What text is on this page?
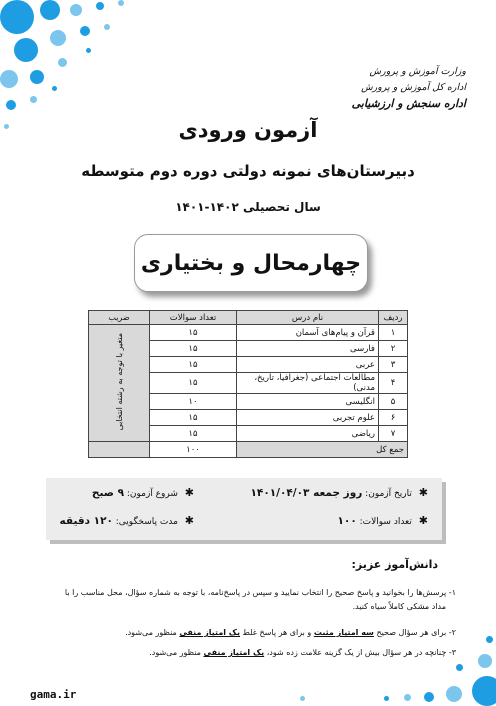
وزارت آموزش و پرورش
اداره کل آموزش و پرورش
اداره سنجش و ارزشیابی
آزمون ورودی
دبیرستان‌های نمونه دولتی دوره دوم متوسطه
سال تحصیلی ۱۴۰۲-۱۴۰۱
چهارمحال و بختیاری
ردیف	نام درس	تعداد سوالات	ضریب
۱	قرآن و پیام‌های آسمان	۱۵	متغیر با توجه به رشته انتخابی
۲	فارسی	۱۵	
۳	عربی	۱۵	
۴	مطالعات اجتماعی (جغرافیا، تاریخ، مدنی)	۱۵	
۵	انگلیسی	۱۰	
۶	علوم تجربی	۱۵	
۷	ریاضی	۱۵	
جمع کل		۱۰۰	
✱ تاریخ آزمون: روز جمعه ۱۴۰۱/۰۴/۰۳
✱ شروع آزمون: ۹ صبح
✱ تعداد سوالات: ۱۰۰
✱ مدت پاسخگویی: ۱۲۰ دقیقه
دانش‌آموز عزیز:
۱- پرسش‌ها را بخوانید و پاسخ صحیح را انتخاب نمایید و سپس در پاسخ‌نامه، با توجه به شماره سؤال، محل مناسب را با
مداد مشکی کاملاً سیاه کنید.
۲- برای هر سؤال صحیح سه امتیاز مثبت و برای هر پاسخ غلط یک امتیاز منفی منظور می‌شود.
۳- چنانچه در هر سؤال بیش از یک گزینه علامت زده شود، یک امتیاز منفی منظور می‌شود.
gama.ir
